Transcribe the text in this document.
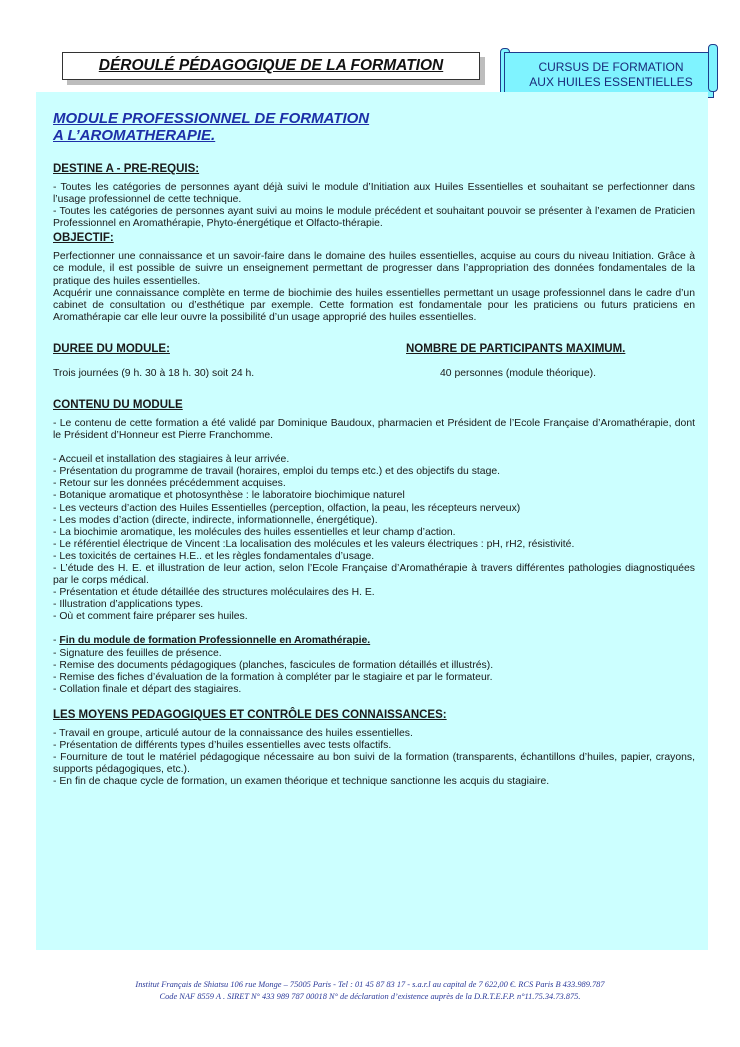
DÉROULÉ PÉDAGOGIQUE DE LA FORMATION	CURSUS DE FORMATION
AUX HUILES ESSENTIELLES
MODULE PROFESSIONNEL DE FORMATION
A L’AROMATHERAPIE.
DESTINE A - PRE-REQUIS:

- Toutes les catégories de personnes ayant déjà suivi le module d’Initiation aux Huiles Essentielles et souhaitant se perfectionner dans l’usage professionnel de cette technique.

- Toutes les catégories de personnes ayant suivi au moins le module précédent et souhaitant pouvoir se présenter à l’examen de Praticien Professionnel en Aromathérapie, Phyto-énergétique et Olfacto-thérapie.

OBJECTIF:

Perfectionner une connaissance et un savoir-faire dans le domaine des huiles essentielles, acquise au cours du niveau Initiation. Grâce à ce module, il est possible de suivre un enseignement permettant de progresser dans l’appropriation des données fondamentales de la pratique des huiles essentielles.

Acquérir une connaissance complète en terme de biochimie des huiles essentielles permettant un usage professionnel dans le cadre d’un cabinet de consultation ou d’esthétique par exemple. Cette formation est fondamentale pour les praticiens ou futurs praticiens en Aromathérapie car elle leur ouvre la possibilité d’un usage approprié des huiles essentielles.

DUREE DU MODULE:	NOMBRE DE PARTICIPANTS MAXIMUM.
Trois journées (9 h. 30 à 18 h. 30) soit 24 h.	40 personnes (module théorique).
CONTENU DU MODULE

- Le contenu de cette formation a été validé par Dominique Baudoux, pharmacien et Président de l’Ecole Française d’Aromathérapie, dont le Président d’Honneur est Pierre Franchomme.

- Accueil et installation des stagiaires à leur arrivée.

- Présentation du programme de travail (horaires, emploi du temps etc.) et des objectifs du stage.

- Retour sur les données précédemment acquises.

- Botanique aromatique et photosynthèse : le laboratoire biochimique naturel

- Les vecteurs d’action des Huiles Essentielles (perception, olfaction, la peau, les récepteurs nerveux)

- Les modes d’action (directe, indirecte, informationnelle, énergétique).

- La biochimie aromatique, les molécules des huiles essentielles et leur champ d’action.

- Le référentiel électrique de Vincent :La localisation des molécules et les valeurs électriques : pH, rH2, résistivité.

- Les toxicités de certaines H.E.. et les règles fondamentales d’usage.

- L’étude des H. E. et illustration de leur action, selon l’Ecole Française d’Aromathérapie à travers différentes pathologies diagnostiquées par le corps médical.

- Présentation et étude détaillée des structures moléculaires des H. E.

- Illustration d’applications types.

- Où et comment faire préparer ses huiles.

- Fin du module de formation Professionnelle en Aromathérapie.

- Signature des feuilles de présence.

- Remise des documents pédagogiques (planches, fascicules de formation détaillés et illustrés).

- Remise des fiches d’évaluation de la formation à compléter par le stagiaire et par le formateur.

- Collation finale et départ des stagiaires.

LES MOYENS PEDAGOGIQUES ET CONTRÔLE DES CONNAISSANCES:

- Travail en groupe, articulé autour de la connaissance des huiles essentielles.

- Présentation de différents types d’huiles essentielles avec tests olfactifs.

- Fourniture de tout le matériel pédagogique nécessaire au bon suivi de la formation (transparents, échantillons d’huiles, papier, crayons, supports pédagogiques, etc.).

- En fin de chaque cycle de formation, un examen théorique et technique sanctionne les acquis du stagiaire.

Institut Français de Shiatsu 106 rue Monge – 75005 Paris - Tel : 01 45 87 83 17 - s.a.r.l au capital de 7 622,00 €. RCS Paris B 433.989.787
Code NAF 8559 A . SIRET N° 433 989 787 00018 N° de déclaration d’existence auprès de la D.R.T.E.F.P. n°11.75.34.73.875.
